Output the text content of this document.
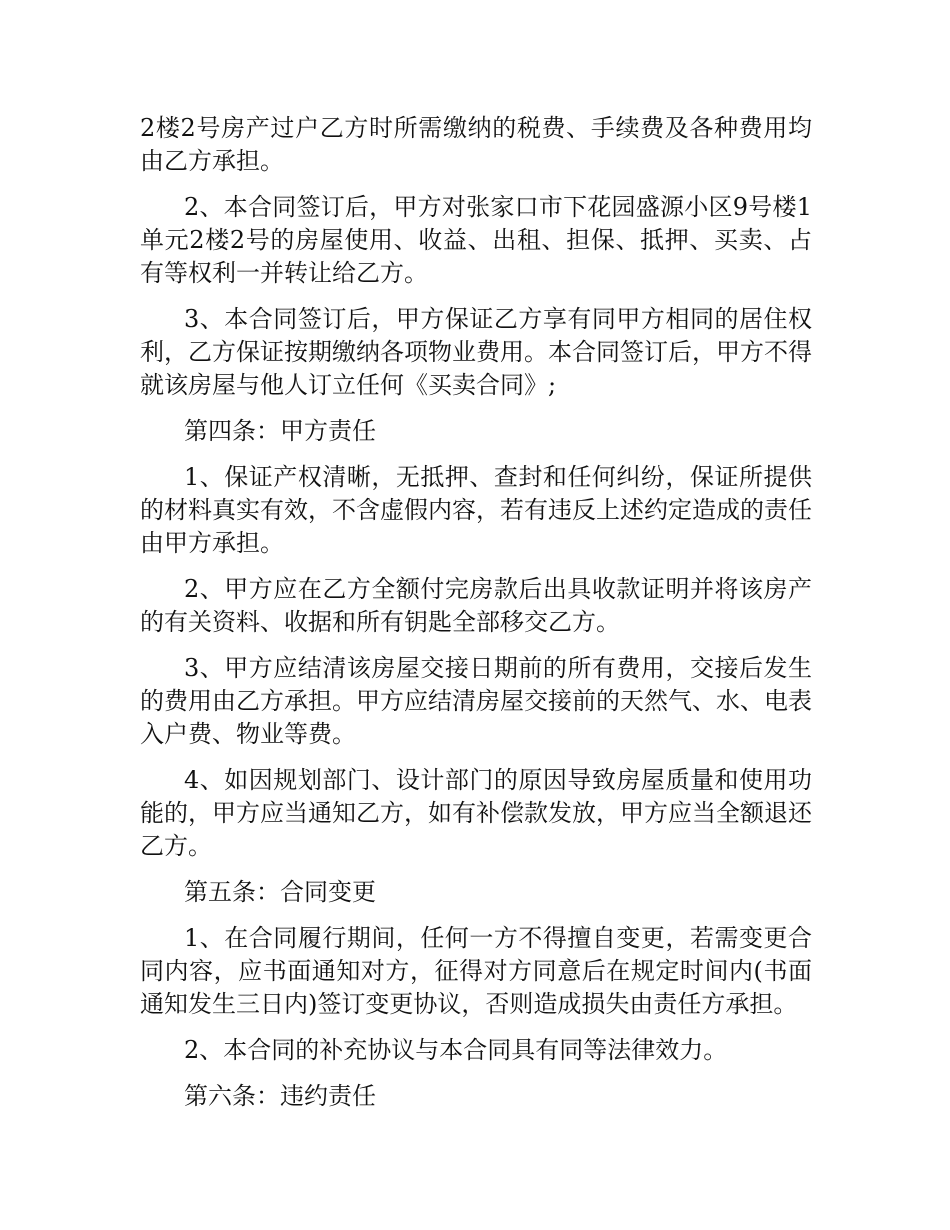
2楼2号房产过户乙方时所需缴纳的税费、手续费及各种费用均由乙方承担。

2、本合同签订后，甲方对张家口市下花园盛源小区9号楼1单元2楼2号的房屋使用、收益、出租、担保、抵押、买卖、占有等权利一并转让给乙方。

3、本合同签订后，甲方保证乙方享有同甲方相同的居住权利，乙方保证按期缴纳各项物业费用。本合同签订后，甲方不得就该房屋与他人订立任何《买卖合同》;

第四条：甲方责任

1、保证产权清晰，无抵押、查封和任何纠纷，保证所提供的材料真实有效，不含虚假内容，若有违反上述约定造成的责任由甲方承担。

2、甲方应在乙方全额付完房款后出具收款证明并将该房产的有关资料、收据和所有钥匙全部移交乙方。

3、甲方应结清该房屋交接日期前的所有费用，交接后发生的费用由乙方承担。甲方应结清房屋交接前的天然气、水、电表入户费、物业等费。

4、如因规划部门、设计部门的原因导致房屋质量和使用功能的，甲方应当通知乙方，如有补偿款发放，甲方应当全额退还乙方。

第五条：合同变更

1、在合同履行期间，任何一方不得擅自变更，若需变更合同内容，应书面通知对方，征得对方同意后在规定时间内(书面通知发生三日内)签订变更协议，否则造成损失由责任方承担。

2、本合同的补充协议与本合同具有同等法律效力。

第六条：违约责任
